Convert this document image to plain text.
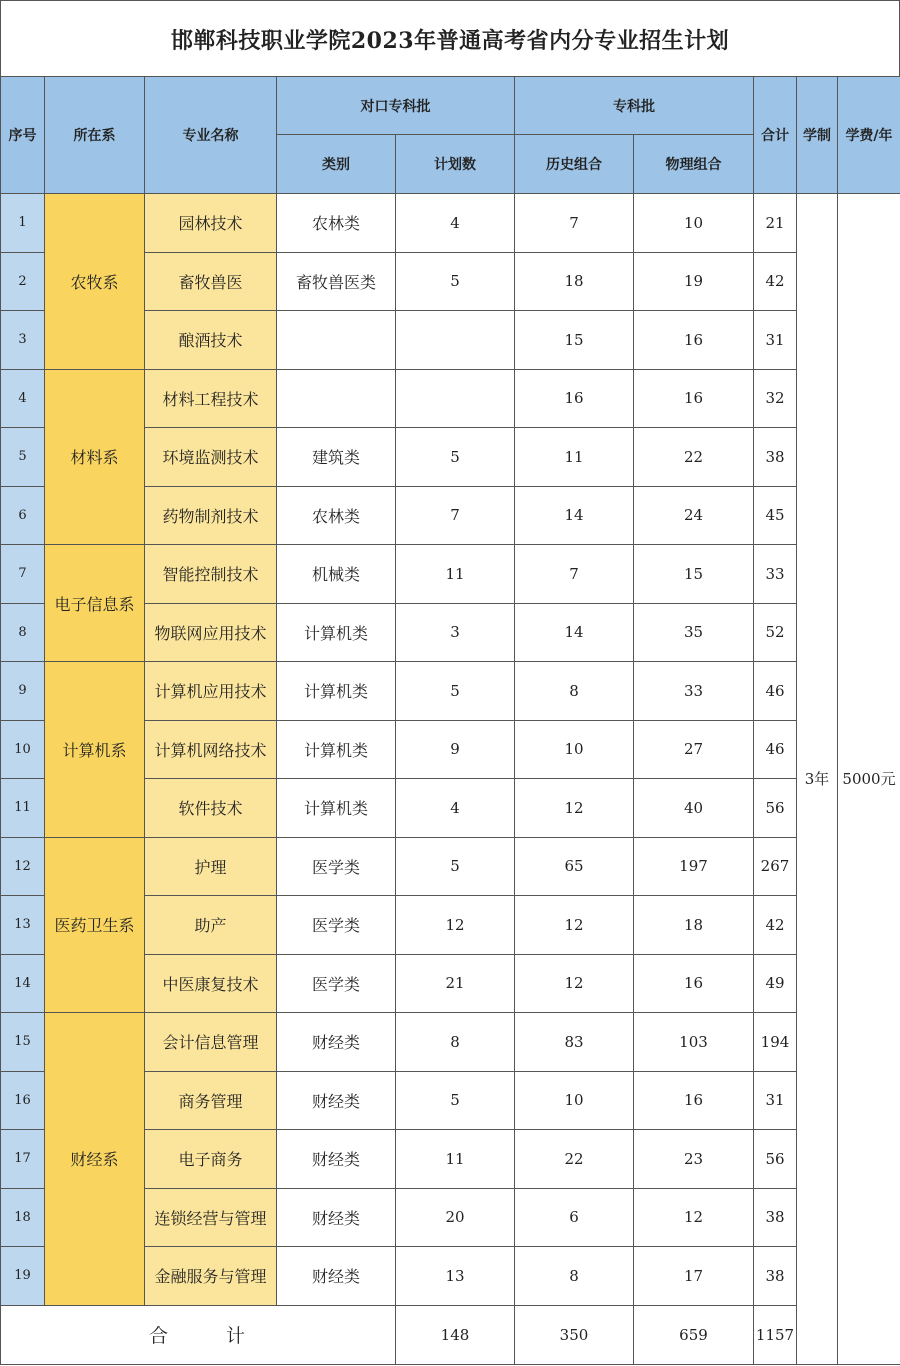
邯郸科技职业学院2023年普通高考省内分专业招生计划
序号	所在系	专业名称	对口专科批		专科批		合计	学制	学费/年
			类别	计划数	历史组合	物理组合			
1	农牧系	园林技术	农林类	4	7	10	21	3年	5000元
2		畜牧兽医	畜牧兽医类	5	18	19	42		
3		酿酒技术			15	16	31		
4	材料系	材料工程技术			16	16	32		
5		环境监测技术	建筑类	5	11	22	38		
6		药物制剂技术	农林类	7	14	24	45		
7	电子信息系	智能控制技术	机械类	11	7	15	33		
8		物联网应用技术	计算机类	3	14	35	52		
9	计算机系	计算机应用技术	计算机类	5	8	33	46		
10		计算机网络技术	计算机类	9	10	27	46		
11		软件技术	计算机类	4	12	40	56		
12	医药卫生系	护理	医学类	5	65	197	267		
13		助产	医学类	12	12	18	42		
14		中医康复技术	医学类	21	12	16	49		
15	财经系	会计信息管理	财经类	8	83	103	194		
16		商务管理	财经类	5	10	16	31		
17		电子商务	财经类	11	22	23	56		
18		连锁经营与管理	财经类	20	6	12	38		
19		金融服务与管理	财经类	13	8	17	38		
合 计				148	350	659	1157		
